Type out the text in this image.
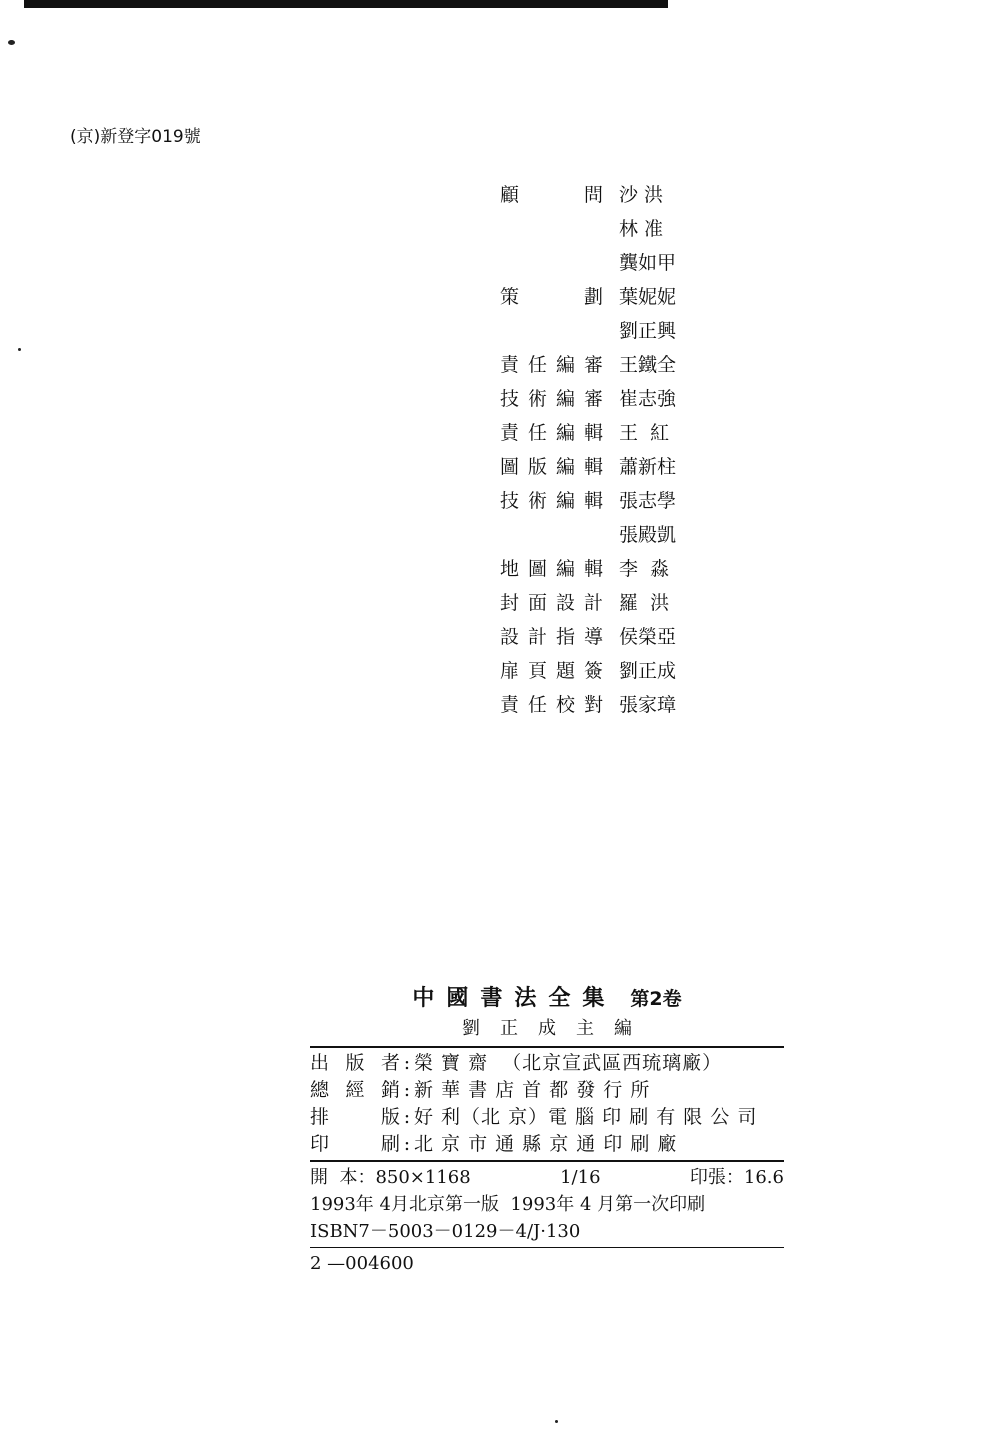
(京)新登字019號
顧	問 沙 洪
林 准
龔如甲
策	劃 葉妮妮
劉正興
責 任 編 審 王鐵全
技 術 編 審 崔志強
責 任 編 輯 王  紅
圖 版 編 輯 蕭新柱
技 術 編 輯 張志學
張殿凱
地 圖 編 輯 李  淼
封 面 設 計 羅  洪
設 計 指 導 侯榮亞
扉 頁 題 簽 劉正成
責 任 校 對 張家璋
中國書法全集 第2卷
劉正成主編
出 版 者 : 榮 寶 齋  （北京宣武區西琉璃廠）
總 經 銷 : 新 華 書 店 首 都 發 行 所
排	版 : 好 利（北 京）電 腦 印 刷 有 限 公 司
印	刷 : 北 京 市 通 縣 京 通 印 刷 廠
開  本：850×1168	1/16	印張：16.6
1993年 4月北京第一版  1993年 4 月第一次印刷
ISBN7－5003－0129－4/J·130
2 —004600
